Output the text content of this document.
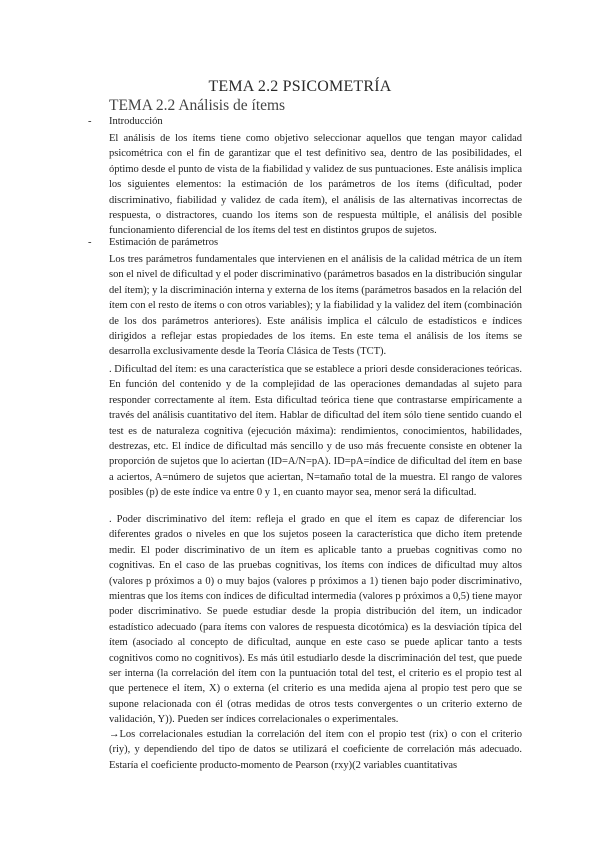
TEMA 2.2 PSICOMETRÍA
TEMA 2.2 Análisis de ítems
- Introducción

El análisis de los ítems tiene como objetivo seleccionar aquellos que tengan mayor calidad psicométrica con el fin de garantizar que el test definitivo sea, dentro de las posibilidades, el óptimo desde el punto de vista de la fiabilidad y validez de sus puntuaciones. Este análisis implica los siguientes elementos: la estimación de los parámetros de los ítems (dificultad, poder discriminativo, fiabilidad y validez de cada ítem), el análisis de las alternativas incorrectas de respuesta, o distractores, cuando los ítems son de respuesta múltiple, el análisis del posible funcionamiento diferencial de los ítems del test en distintos grupos de sujetos.

- Estimación de parámetros

Los tres parámetros fundamentales que intervienen en el análisis de la calidad métrica de un ítem son el nivel de dificultad y el poder discriminativo (parámetros basados en la distribución singular del ítem); y la discriminación interna y externa de los ítems (parámetros basados en la relación del ítem con el resto de ítems o con otros variables); y la fiabilidad y la validez del ítem (combinación de los dos parámetros anteriores). Este análisis implica el cálculo de estadísticos e índices dirigidos a reflejar estas propiedades de los ítems. En este tema el análisis de los ítems se desarrolla exclusivamente desde la Teoría Clásica de Tests (TCT).

. Dificultad del ítem: es una característica que se establece a priori desde consideraciones teóricas. En función del contenido y de la complejidad de las operaciones demandadas al sujeto para responder correctamente al ítem. Esta dificultad teórica tiene que contrastarse empíricamente a través del análisis cuantitativo del ítem. Hablar de dificultad del ítem sólo tiene sentido cuando el test es de naturaleza cognitiva (ejecución máxima): rendimientos, conocimientos, habilidades, destrezas, etc. El índice de dificultad más sencillo y de uso más frecuente consiste en obtener la proporción de sujetos que lo aciertan (ID=A/N=pA). ID=pA=índice de dificultad del ítem en base a aciertos, A=número de sujetos que aciertan, N=tamaño total de la muestra. El rango de valores posibles (p) de este índice va entre 0 y 1, en cuanto mayor sea, menor será la dificultad.

. Poder discriminativo del ítem: refleja el grado en que el ítem es capaz de diferenciar los diferentes grados o niveles en que los sujetos poseen la característica que dicho ítem pretende medir. El poder discriminativo de un ítem es aplicable tanto a pruebas cognitivas como no cognitivas. En el caso de las pruebas cognitivas, los ítems con índices de dificultad muy altos (valores p próximos a 0) o muy bajos (valores p próximos a 1) tienen bajo poder discriminativo, mientras que los ítems con índices de dificultad intermedia (valores p próximos a 0,5) tiene mayor poder discriminativo. Se puede estudiar desde la propia distribución del ítem, un indicador estadístico adecuado (para ítems con valores de respuesta dicotómica) es la desviación típica del ítem (asociado al concepto de dificultad, aunque en este caso se puede aplicar tanto a tests cognitivos como no cognitivos). Es más útil estudiarlo desde la discriminación del test, que puede ser interna (la correlación del ítem con la puntuación total del test, el criterio es el propio test al que pertenece el ítem, X) o externa (el criterio es una medida ajena al propio test pero que se supone relacionada con él (otras medidas de otros tests convergentes o un criterio externo de validación, Y)). Pueden ser índices correlacionales o experimentales.

→Los correlacionales estudian la correlación del ítem con el propio test (rix) o con el criterio (riy), y dependiendo del tipo de datos se utilizará el coeficiente de correlación más adecuado. Estaría el coeficiente producto-momento de Pearson (rxy)(2 variables cuantitativas
